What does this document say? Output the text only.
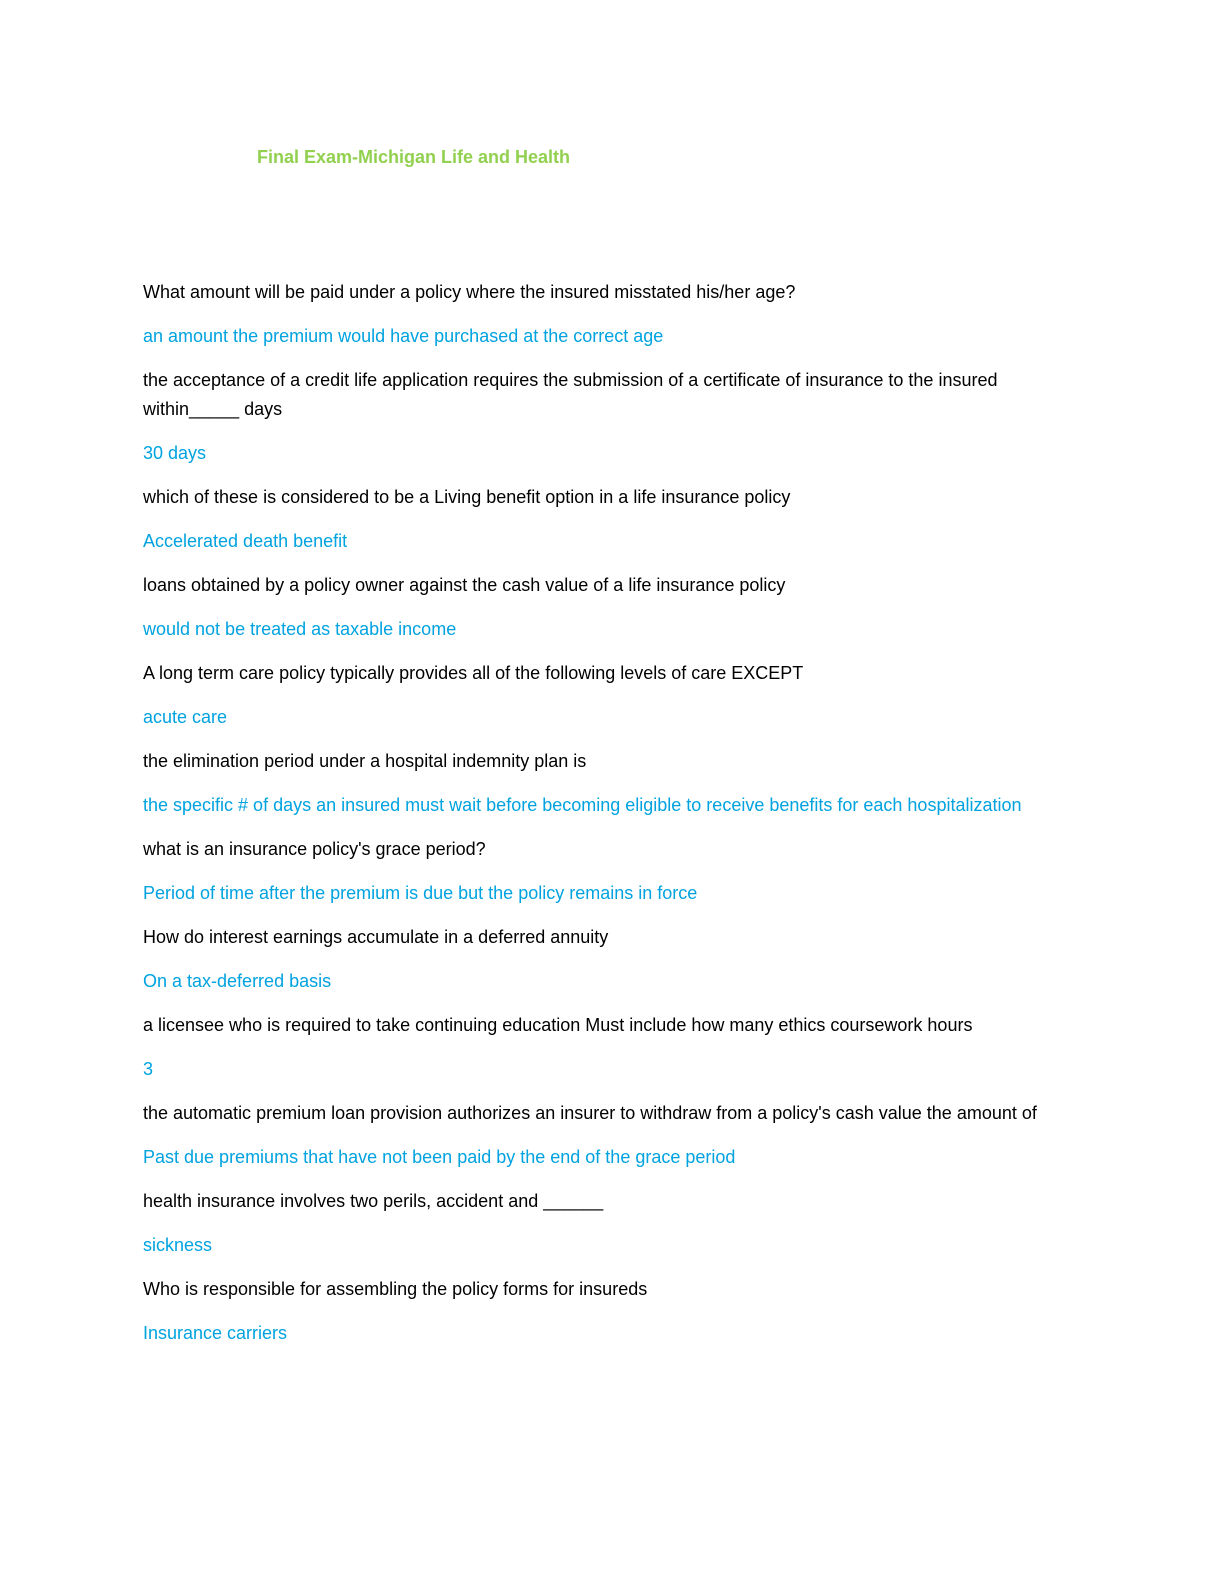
Final Exam-Michigan Life and Health

What amount will be paid under a policy where the insured misstated his/her age?

an amount the premium would have purchased at the correct age

the acceptance of a credit life application requires the submission of a certificate of insurance to the insured within_____ days

30 days

which of these is considered to be a Living benefit option in a life insurance policy

Accelerated death benefit

loans obtained by a policy owner against the cash value of a life insurance policy

would not be treated as taxable income

A long term care policy typically provides all of the following levels of care EXCEPT

acute care

the elimination period under a hospital indemnity plan is

the specific # of days an insured must wait before becoming eligible to receive benefits for each hospitalization

what is an insurance policy's grace period?

Period of time after the premium is due but the policy remains in force

How do interest earnings accumulate in a deferred annuity

On a tax-deferred basis

a licensee who is required to take continuing education Must include how many ethics coursework hours

3

the automatic premium loan provision authorizes an insurer to withdraw from a policy's cash value the amount of

Past due premiums that have not been paid by the end of the grace period

health insurance involves two perils, accident and ______

sickness

Who is responsible for assembling the policy forms for insureds

Insurance carriers
